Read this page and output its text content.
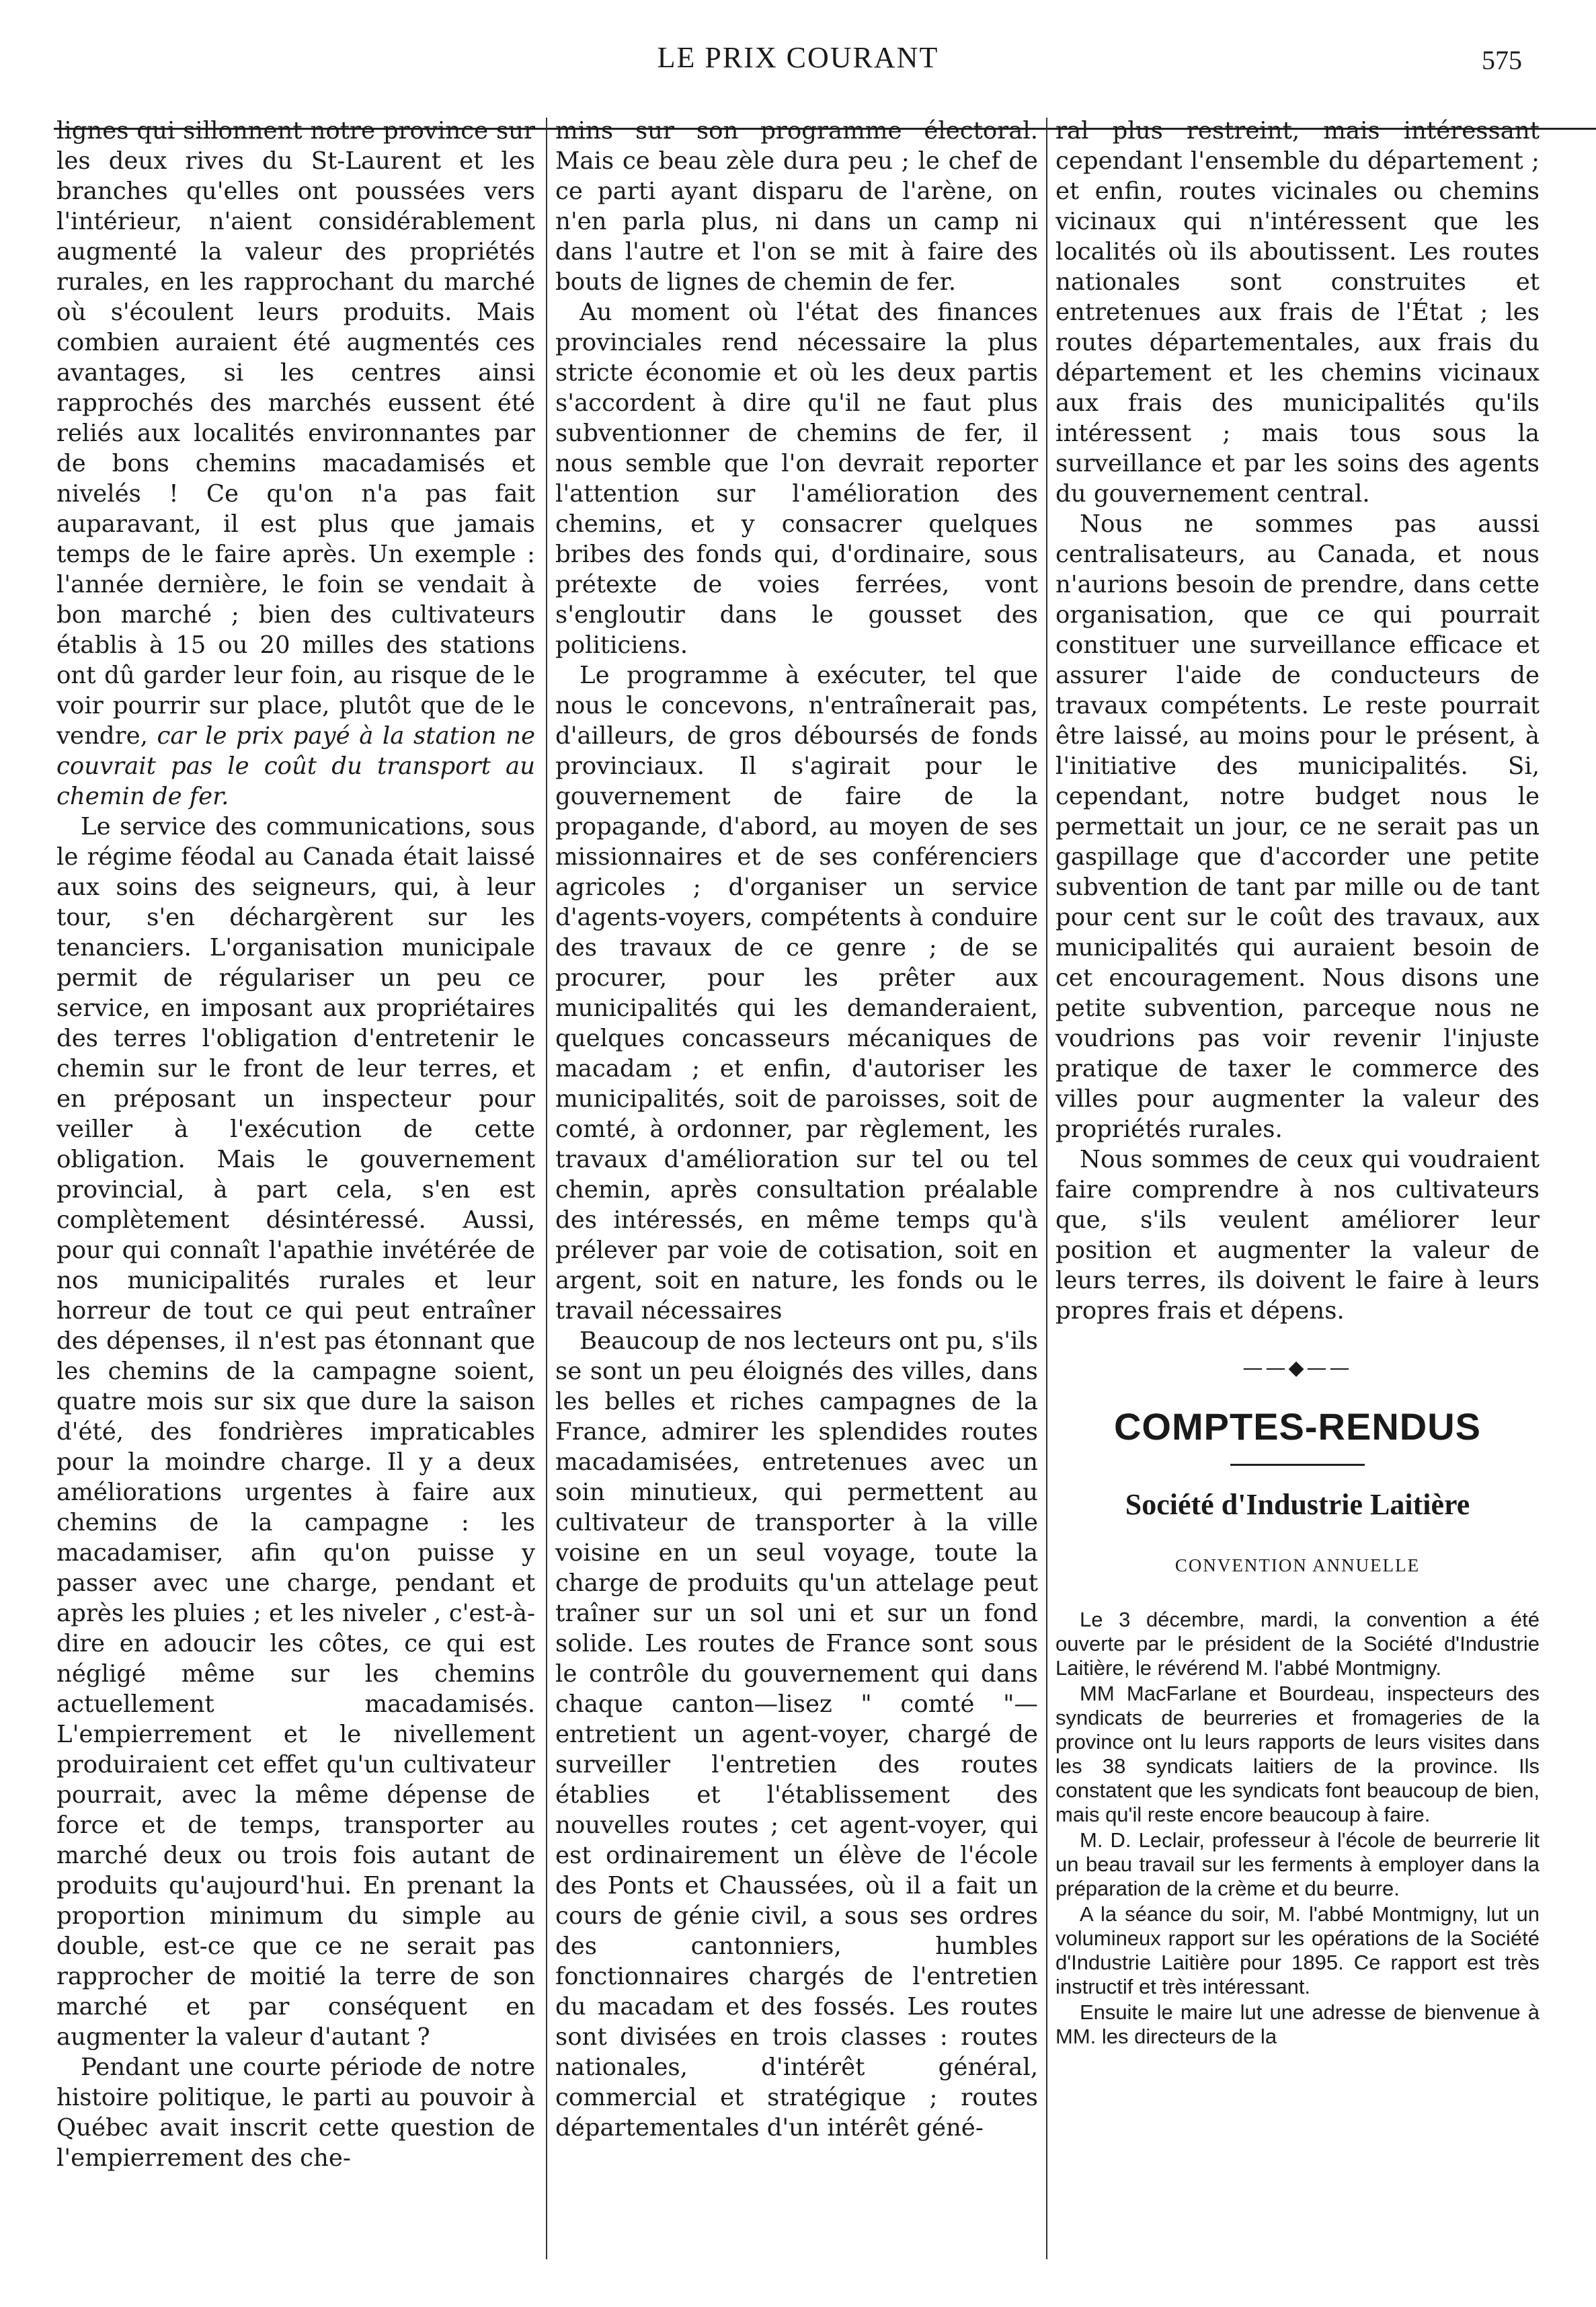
LE PRIX COURANT	575

lignes qui sillonnent notre province sur les deux rives du St-Laurent et les branches qu'elles ont poussées vers l'intérieur, n'aient considérablement augmenté la valeur des propriétés rurales, en les rapprochant du marché où s'écoulent leurs produits. Mais combien auraient été augmentés ces avantages, si les centres ainsi rapprochés des marchés eussent été reliés aux localités environnantes par de bons chemins macadamisés et nivelés ! Ce qu'on n'a pas fait auparavant, il est plus que jamais temps de le faire après. Un exemple : l'année dernière, le foin se vendait à bon marché ; bien des cultivateurs établis à 15 ou 20 milles des stations ont dû garder leur foin, au risque de le voir pourrir sur place, plutôt que de le vendre, car le prix payé à la station ne couvrait pas le coût du transport au chemin de fer.

Le service des communications, sous le régime féodal au Canada était laissé aux soins des seigneurs, qui, à leur tour, s'en déchargèrent sur les tenanciers. L'organisation municipale permit de régulariser un peu ce service, en imposant aux propriétaires des terres l'obligation d'entretenir le chemin sur le front de leur terres, et en préposant un inspecteur pour veiller à l'exécution de cette obligation. Mais le gouvernement provincial, à part cela, s'en est complètement désintéressé. Aussi, pour qui connaît l'apathie invétérée de nos municipalités rurales et leur horreur de tout ce qui peut entraîner des dépenses, il n'est pas étonnant que les chemins de la campagne soient, quatre mois sur six que dure la saison d'été, des fondrières impraticables pour la moindre charge. Il y a deux améliorations urgentes à faire aux chemins de la campagne : les macadamiser, afin qu'on puisse y passer avec une charge, pendant et après les pluies ; et les niveler , c'est-à-dire en adoucir les côtes, ce qui est négligé même sur les chemins actuellement macadamisés. L'empierrement et le nivellement produiraient cet effet qu'un cultivateur pourrait, avec la même dépense de force et de temps, transporter au marché deux ou trois fois autant de produits qu'aujourd'hui. En prenant la proportion minimum du simple au double, est-ce que ce ne serait pas rapprocher de moitié la terre de son marché et par conséquent en augmenter la valeur d'autant ?

Pendant une courte période de notre histoire politique, le parti au pouvoir à Québec avait inscrit cette question de l'empierrement des che-

mins sur son programme électoral. Mais ce beau zèle dura peu ; le chef de ce parti ayant disparu de l'arène, on n'en parla plus, ni dans un camp ni dans l'autre et l'on se mit à faire des bouts de lignes de chemin de fer.

Au moment où l'état des finances provinciales rend nécessaire la plus stricte économie et où les deux partis s'accordent à dire qu'il ne faut plus subventionner de chemins de fer, il nous semble que l'on devrait reporter l'attention sur l'amélioration des chemins, et y consacrer quelques bribes des fonds qui, d'ordinaire, sous prétexte de voies ferrées, vont s'engloutir dans le gousset des politiciens.

Le programme à exécuter, tel que nous le concevons, n'entraînerait pas, d'ailleurs, de gros déboursés de fonds provinciaux. Il s'agirait pour le gouvernement de faire de la propagande, d'abord, au moyen de ses missionnaires et de ses conférenciers agricoles ; d'organiser un service d'agents-voyers, compétents à conduire des travaux de ce genre ; de se procurer, pour les prêter aux municipalités qui les demanderaient, quelques concasseurs mécaniques de macadam ; et enfin, d'autoriser les municipalités, soit de paroisses, soit de comté, à ordonner, par règlement, les travaux d'amélioration sur tel ou tel chemin, après consultation préalable des intéressés, en même temps qu'à prélever par voie de cotisation, soit en argent, soit en nature, les fonds ou le travail nécessaires

Beaucoup de nos lecteurs ont pu, s'ils se sont un peu éloignés des villes, dans les belles et riches campagnes de la France, admirer les splendides routes macadamisées, entretenues avec un soin minutieux, qui permettent au cultivateur de transporter à la ville voisine en un seul voyage, toute la charge de produits qu'un attelage peut traîner sur un sol uni et sur un fond solide. Les routes de France sont sous le contrôle du gouvernement qui dans chaque canton—lisez " comté "—entretient un agent-voyer, chargé de surveiller l'entretien des routes établies et l'établissement des nouvelles routes ; cet agent-voyer, qui est ordinairement un élève de l'école des Ponts et Chaussées, où il a fait un cours de génie civil, a sous ses ordres des cantonniers, humbles fonctionnaires chargés de l'entretien du macadam et des fossés. Les routes sont divisées en trois classes : routes nationales, d'intérêt général, commercial et stratégique ; routes départementales d'un intérêt géné-

ral plus restreint, mais intéressant cependant l'ensemble du département ; et enfin, routes vicinales ou chemins vicinaux qui n'intéressent que les localités où ils aboutissent. Les routes nationales sont construites et entretenues aux frais de l'État ; les routes départementales, aux frais du département et les chemins vicinaux aux frais des municipalités qu'ils intéressent ; mais tous sous la surveillance et par les soins des agents du gouvernement central.

Nous ne sommes pas aussi centralisateurs, au Canada, et nous n'aurions besoin de prendre, dans cette organisation, que ce qui pourrait constituer une surveillance efficace et assurer l'aide de conducteurs de travaux compétents. Le reste pourrait être laissé, au moins pour le présent, à l'initiative des municipalités. Si, cependant, notre budget nous le permettait un jour, ce ne serait pas un gaspillage que d'accorder une petite subvention de tant par mille ou de tant pour cent sur le coût des travaux, aux municipalités qui auraient besoin de cet encouragement. Nous disons une petite subvention, parceque nous ne voudrions pas voir revenir l'injuste pratique de taxer le commerce des villes pour augmenter la valeur des propriétés rurales.

Nous sommes de ceux qui voudraient faire comprendre à nos cultivateurs que, s'ils veulent améliorer leur position et augmenter la valeur de leurs terres, ils doivent le faire à leurs propres frais et dépens.

——◆——
COMPTES-RENDUS
Société d'Industrie Laitière
CONVENTION ANNUELLE

Le 3 décembre, mardi, la convention a été ouverte par le président de la Société d'Industrie Laitière, le révérend M. l'abbé Montmigny.

MM MacFarlane et Bourdeau, inspecteurs des syndicats de beurreries et fromageries de la province ont lu leurs rapports de leurs visites dans les 38 syndicats laitiers de la province. Ils constatent que les syndicats font beaucoup de bien, mais qu'il reste encore beaucoup à faire.

M. D. Leclair, professeur à l'école de beurrerie lit un beau travail sur les ferments à employer dans la préparation de la crème et du beurre.

A la séance du soir, M. l'abbé Montmigny, lut un volumineux rapport sur les opérations de la Société d'Industrie Laitière pour 1895. Ce rapport est très instructif et très intéressant.

Ensuite le maire lut une adresse de bienvenue à MM. les directeurs de la
